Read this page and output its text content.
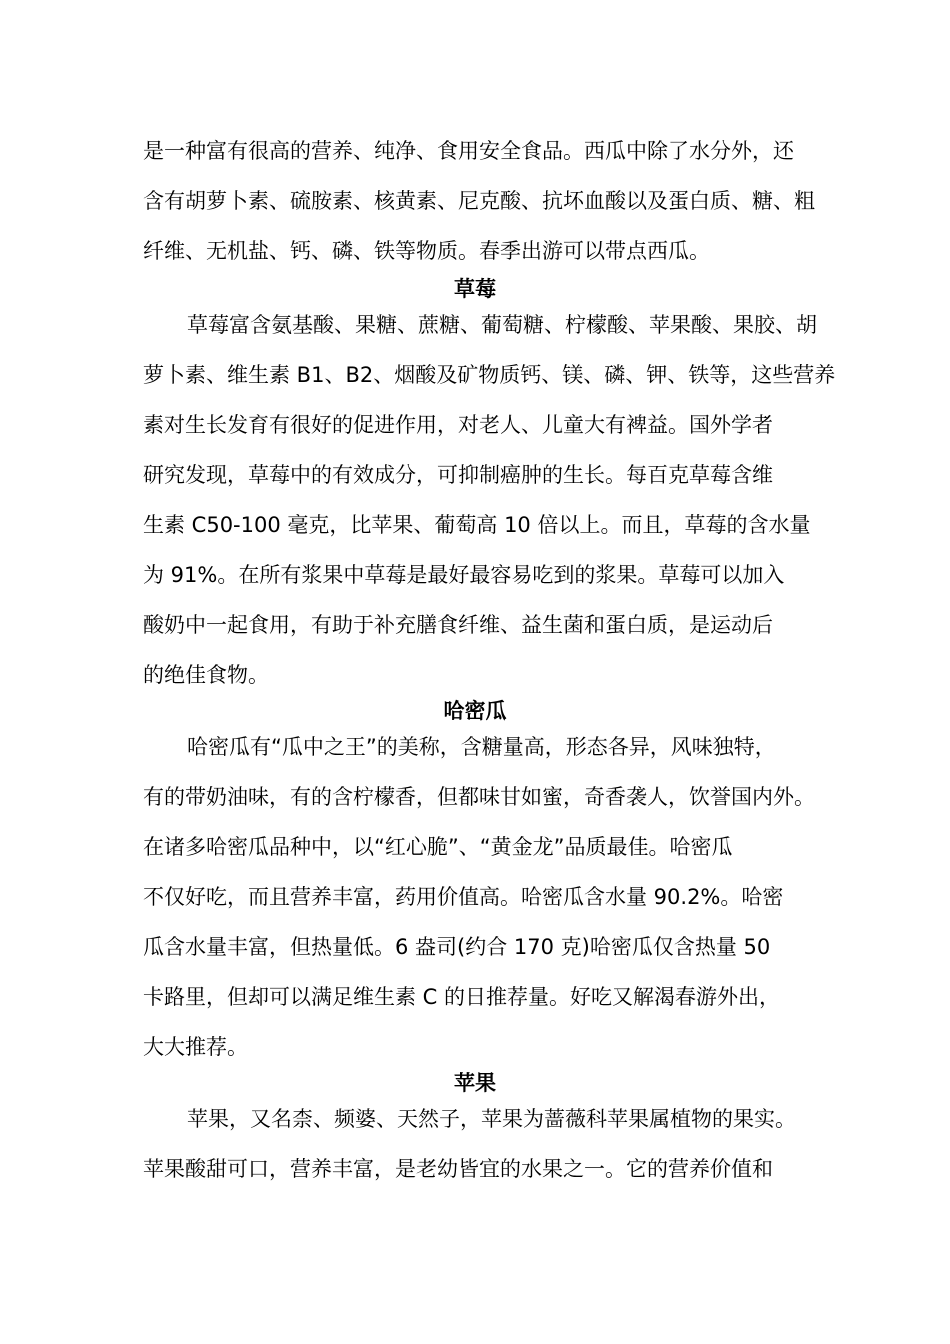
是一种富有很高的营养、纯净、食用安全食品。西瓜中除了水分外，还
含有胡萝卜素、硫胺素、核黄素、尼克酸、抗坏血酸以及蛋白质、糖、粗
纤维、无机盐、钙、磷、铁等物质。春季出游可以带点西瓜。
草莓
草莓富含氨基酸、果糖、蔗糖、葡萄糖、柠檬酸、苹果酸、果胶、胡
萝卜素、维生素 B1、B2、烟酸及矿物质钙、镁、磷、钾、铁等，这些营养
素对生长发育有很好的促进作用，对老人、儿童大有裨益。国外学者
研究发现，草莓中的有效成分，可抑制癌肿的生长。每百克草莓含维
生素 C50-100 毫克，比苹果、葡萄高 10 倍以上。而且，草莓的含水量
为 91%。在所有浆果中草莓是最好最容易吃到的浆果。草莓可以加入
酸奶中一起食用，有助于补充膳食纤维、益生菌和蛋白质，是运动后
的绝佳食物。
哈密瓜
哈密瓜有“瓜中之王”的美称，含糖量高，形态各异，风味独特，
有的带奶油味，有的含柠檬香，但都味甘如蜜，奇香袭人，饮誉国内外。
在诸多哈密瓜品种中，以“红心脆”、“黄金龙”品质最佳。哈密瓜
不仅好吃，而且营养丰富，药用价值高。哈密瓜含水量 90.2%。哈密
瓜含水量丰富，但热量低。6 盎司(约合 170 克)哈密瓜仅含热量 50
卡路里，但却可以满足维生素 C 的日推荐量。好吃又解渴春游外出，
大大推荐。
苹果
苹果，又名柰、频婆、天然子，苹果为蔷薇科苹果属植物的果实。
苹果酸甜可口，营养丰富，是老幼皆宜的水果之一。它的营养价值和
